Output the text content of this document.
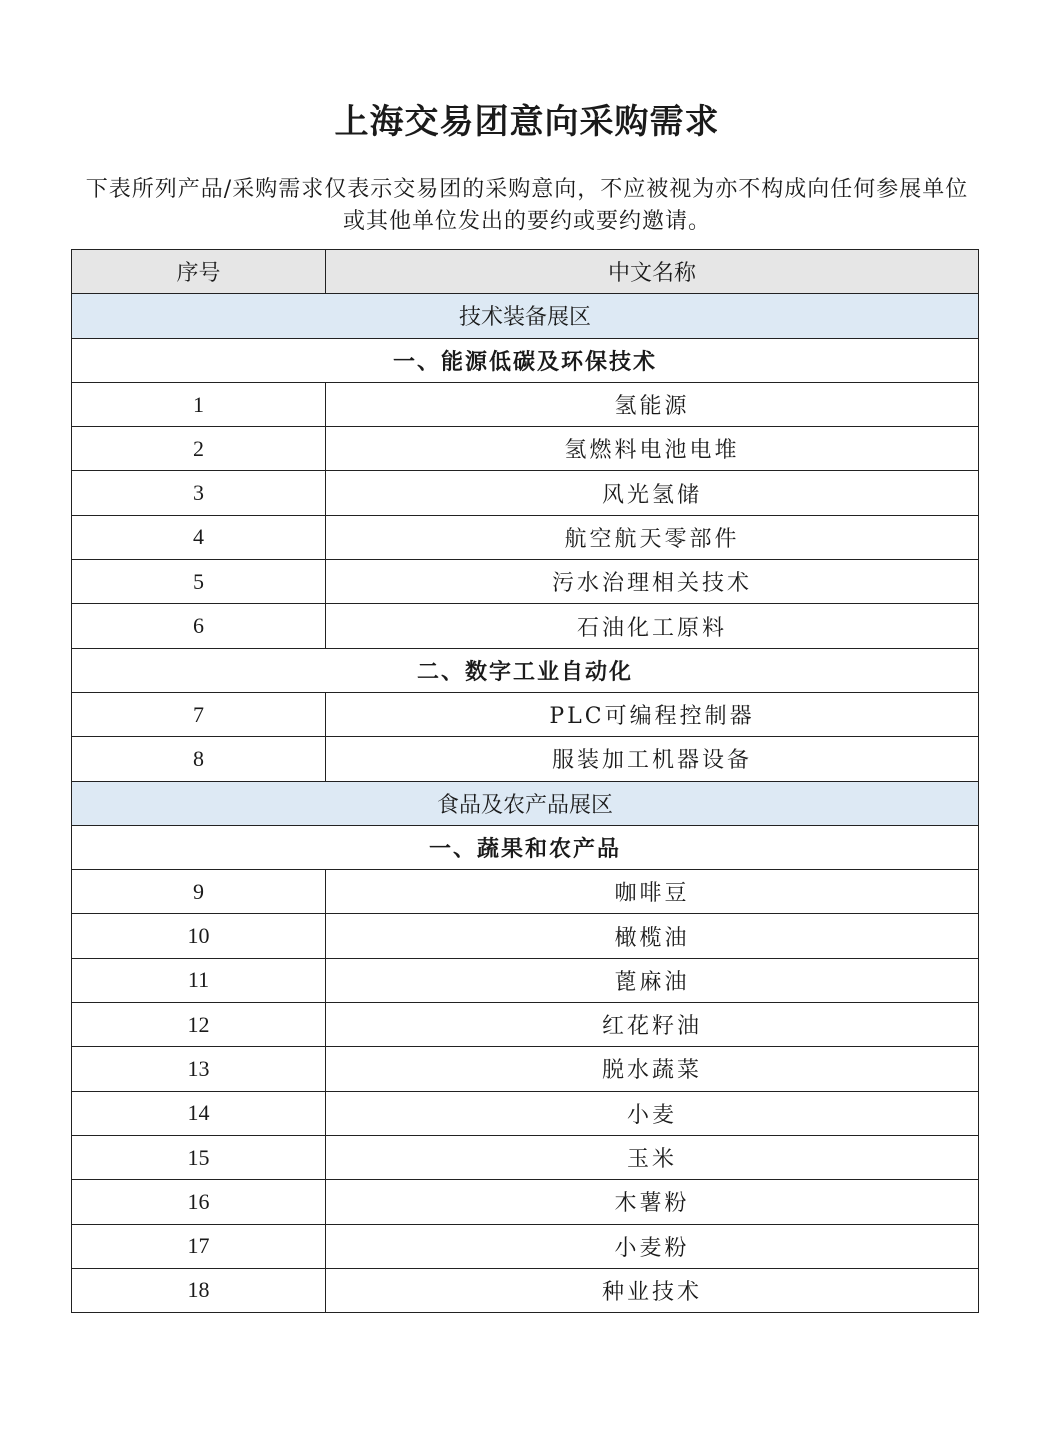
上海交易团意向采购需求
下表所列产品/采购需求仅表示交易团的采购意向，不应被视为亦不构成向任何参展单位或其他单位发出的要约或要约邀请。
序号	中文名称
技术装备展区	
一、能源低碳及环保技术	
1	氢能源
2	氢燃料电池电堆
3	风光氢储
4	航空航天零部件
5	污水治理相关技术
6	石油化工原料
二、数字工业自动化	
7	PLC可编程控制器
8	服装加工机器设备
食品及农产品展区	
一、蔬果和农产品	
9	咖啡豆
10	橄榄油
11	蓖麻油
12	红花籽油
13	脱水蔬菜
14	小麦
15	玉米
16	木薯粉
17	小麦粉
18	种业技术
